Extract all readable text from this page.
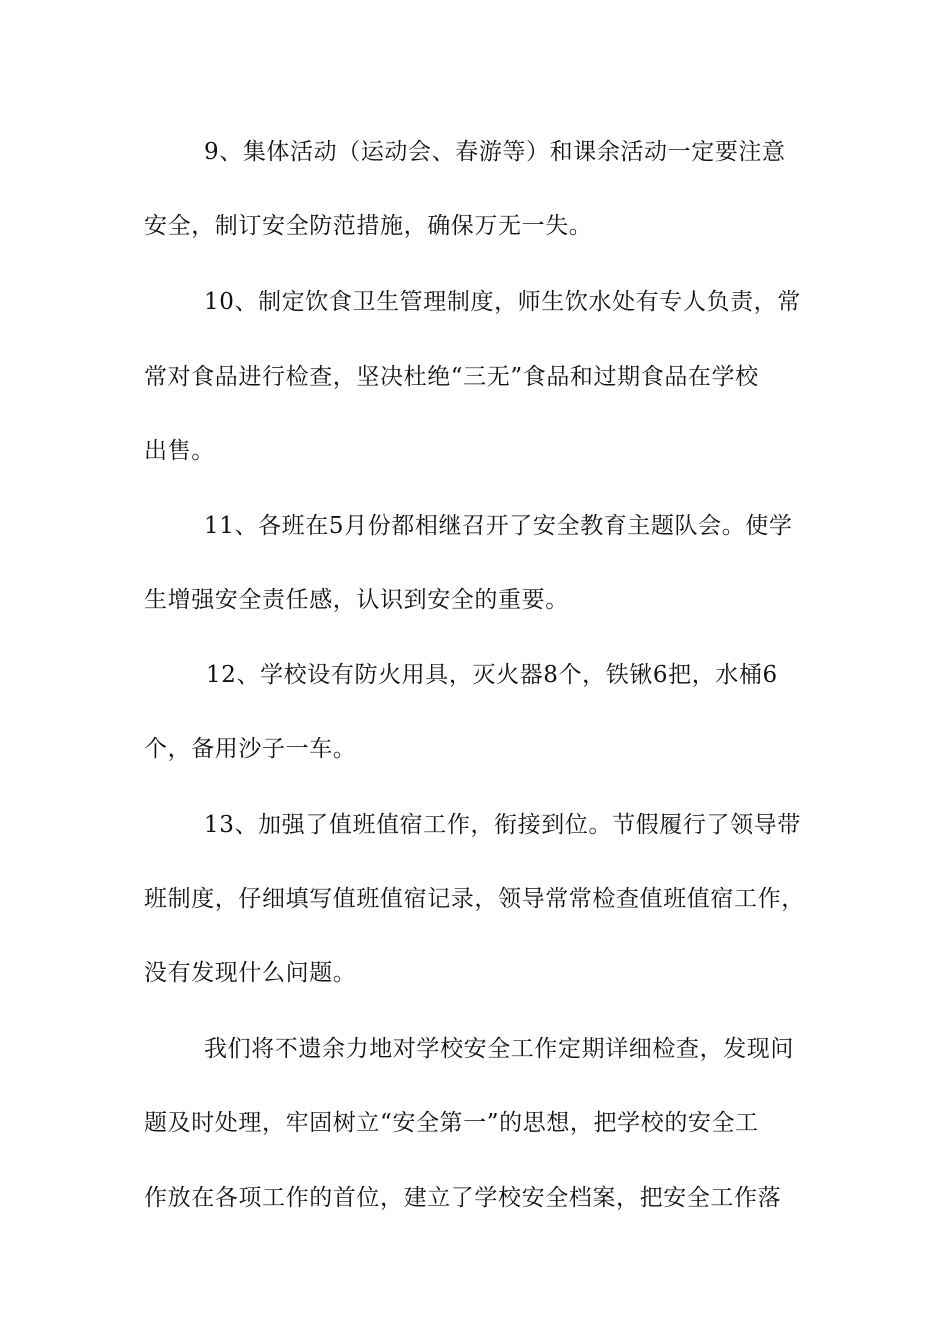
9、集体活动（运动会、春游等）和课余活动一定要注意

安全，制订安全防范措施，确保万无一失。

10、制定饮食卫生管理制度，师生饮水处有专人负责，常

常对食品进行检查，坚决杜绝“三无”食品和过期食品在学校

出售。

11、各班在5月份都相继召开了安全教育主题队会。使学

生增强安全责任感，认识到安全的重要。

12、学校设有防火用具，灭火器8个，铁锹6把，水桶6

个，备用沙子一车。

13、加强了值班值宿工作，衔接到位。节假履行了领导带

班制度，仔细填写值班值宿记录，领导常常检查值班值宿工作，

没有发现什么问题。

我们将不遗余力地对学校安全工作定期详细检查，发现问

题及时处理，牢固树立“安全第一”的思想，把学校的安全工

作放在各项工作的首位，建立了学校安全档案，把安全工作落
